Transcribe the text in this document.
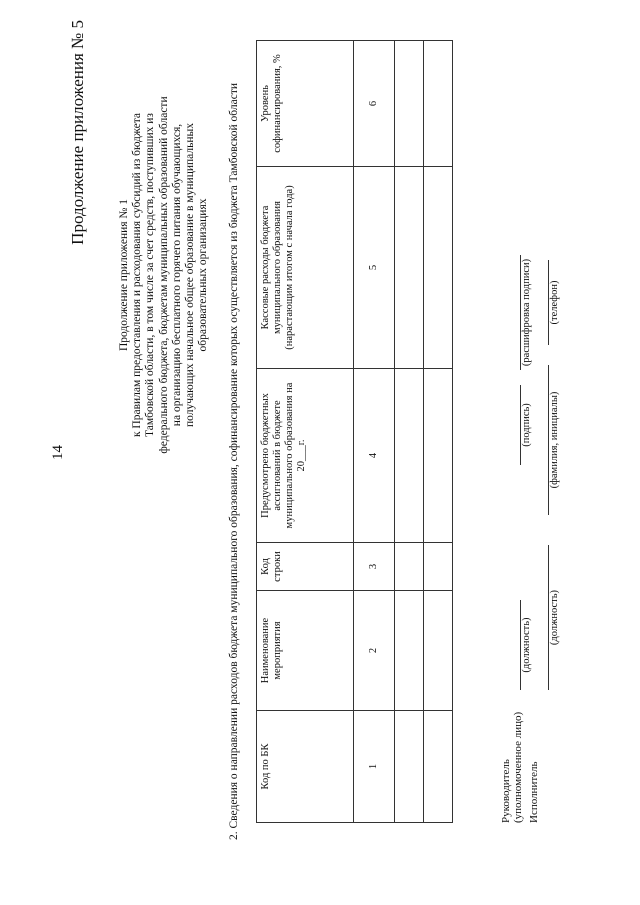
14
Продолжение приложения № 5
Продолжение приложения № 1 к Правилам предоставления и расходования субсидий из бюджета Тамбовской области, в том числе за счет средств, поступивших из федерального бюджета, бюджетам муниципальных образований области на организацию бесплатного горячего питания обучающихся, получающих начальное общее образование в муниципальных образовательных организациях 2. Сведения о направлении расходов бюджета муниципального образования, софинансирование которых осуществляется из бюджета Тамбовской области Код по БК	Наименование мероприятия	Код строки	Предусмотрено бюджетных ассигнований в бюджете муниципального образования на 20___г.	Кассовые расходы бюджета муниципального образования (нарастающим итогом с начала года)	Уровень софинансирования, %
1	2	3	4	5	6

Руководитель (уполномоченное лицо)
(должность)
(подпись)
(расшифровка подписи)
Исполнитель
(должность)
(фамилия, инициалы)
(телефон)
